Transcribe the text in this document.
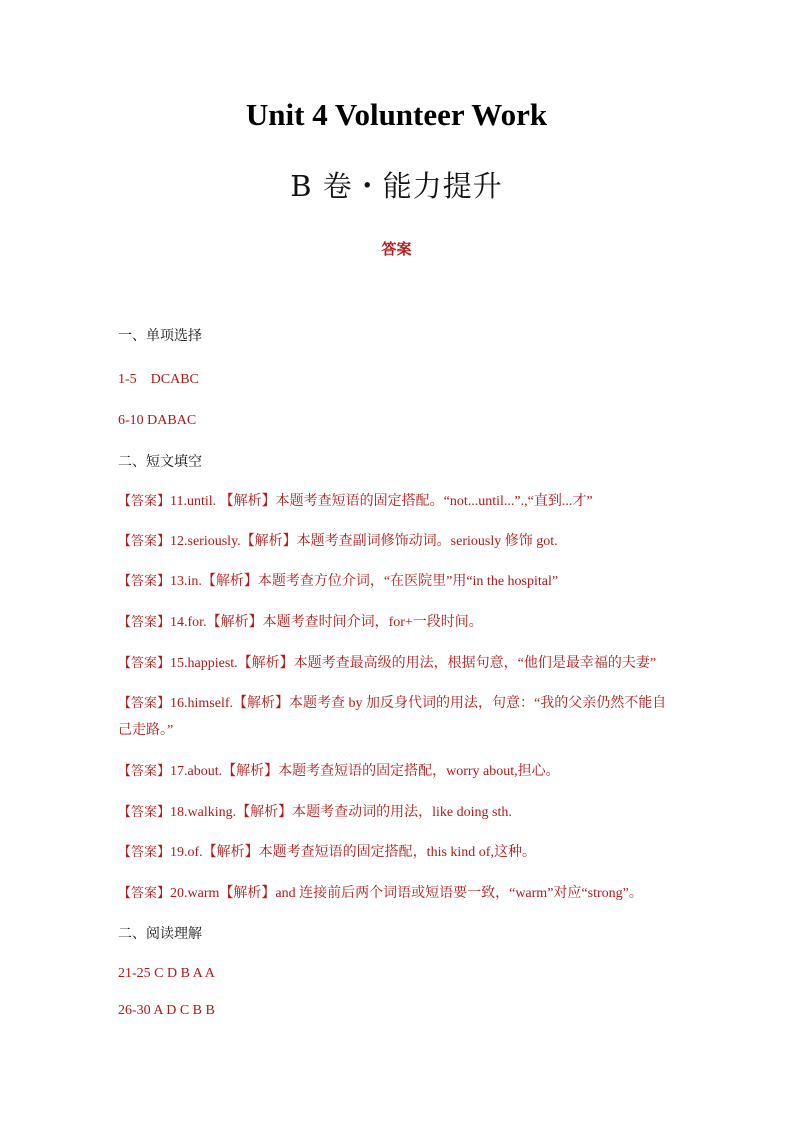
Unit 4 Volunteer Work
B 卷・能力提升
答案
一、单项选择
1-5    DCABC
6-10 DABAC
二、短文填空
【答案】11.until. 【解析】本题考查短语的固定搭配。“not...until...”.,“直到...才”
【答案】12.seriously.【解析】本题考查副词修饰动词。seriously 修饰 got.
【答案】13.in.【解析】本题考查方位介词，“在医院里”用“in the hospital”
【答案】14.for.【解析】本题考查时间介词，for+一段时间。
【答案】15.happiest.【解析】本题考查最高级的用法，根据句意，“他们是最幸福的夫妻”
【答案】16.himself.【解析】本题考查 by 加反身代词的用法，句意：“我的父亲仍然不能自己走路。”
【答案】17.about.【解析】本题考查短语的固定搭配，worry about,担心。
【答案】18.walking.【解析】本题考查动词的用法，like doing sth.
【答案】19.of.【解析】本题考查短语的固定搭配，this kind of,这种。
【答案】20.warm【解析】and 连接前后两个词语或短语要一致，“warm”对应“strong”。
二、阅读理解
21-25 C D B A A
26-30 A D C B B
